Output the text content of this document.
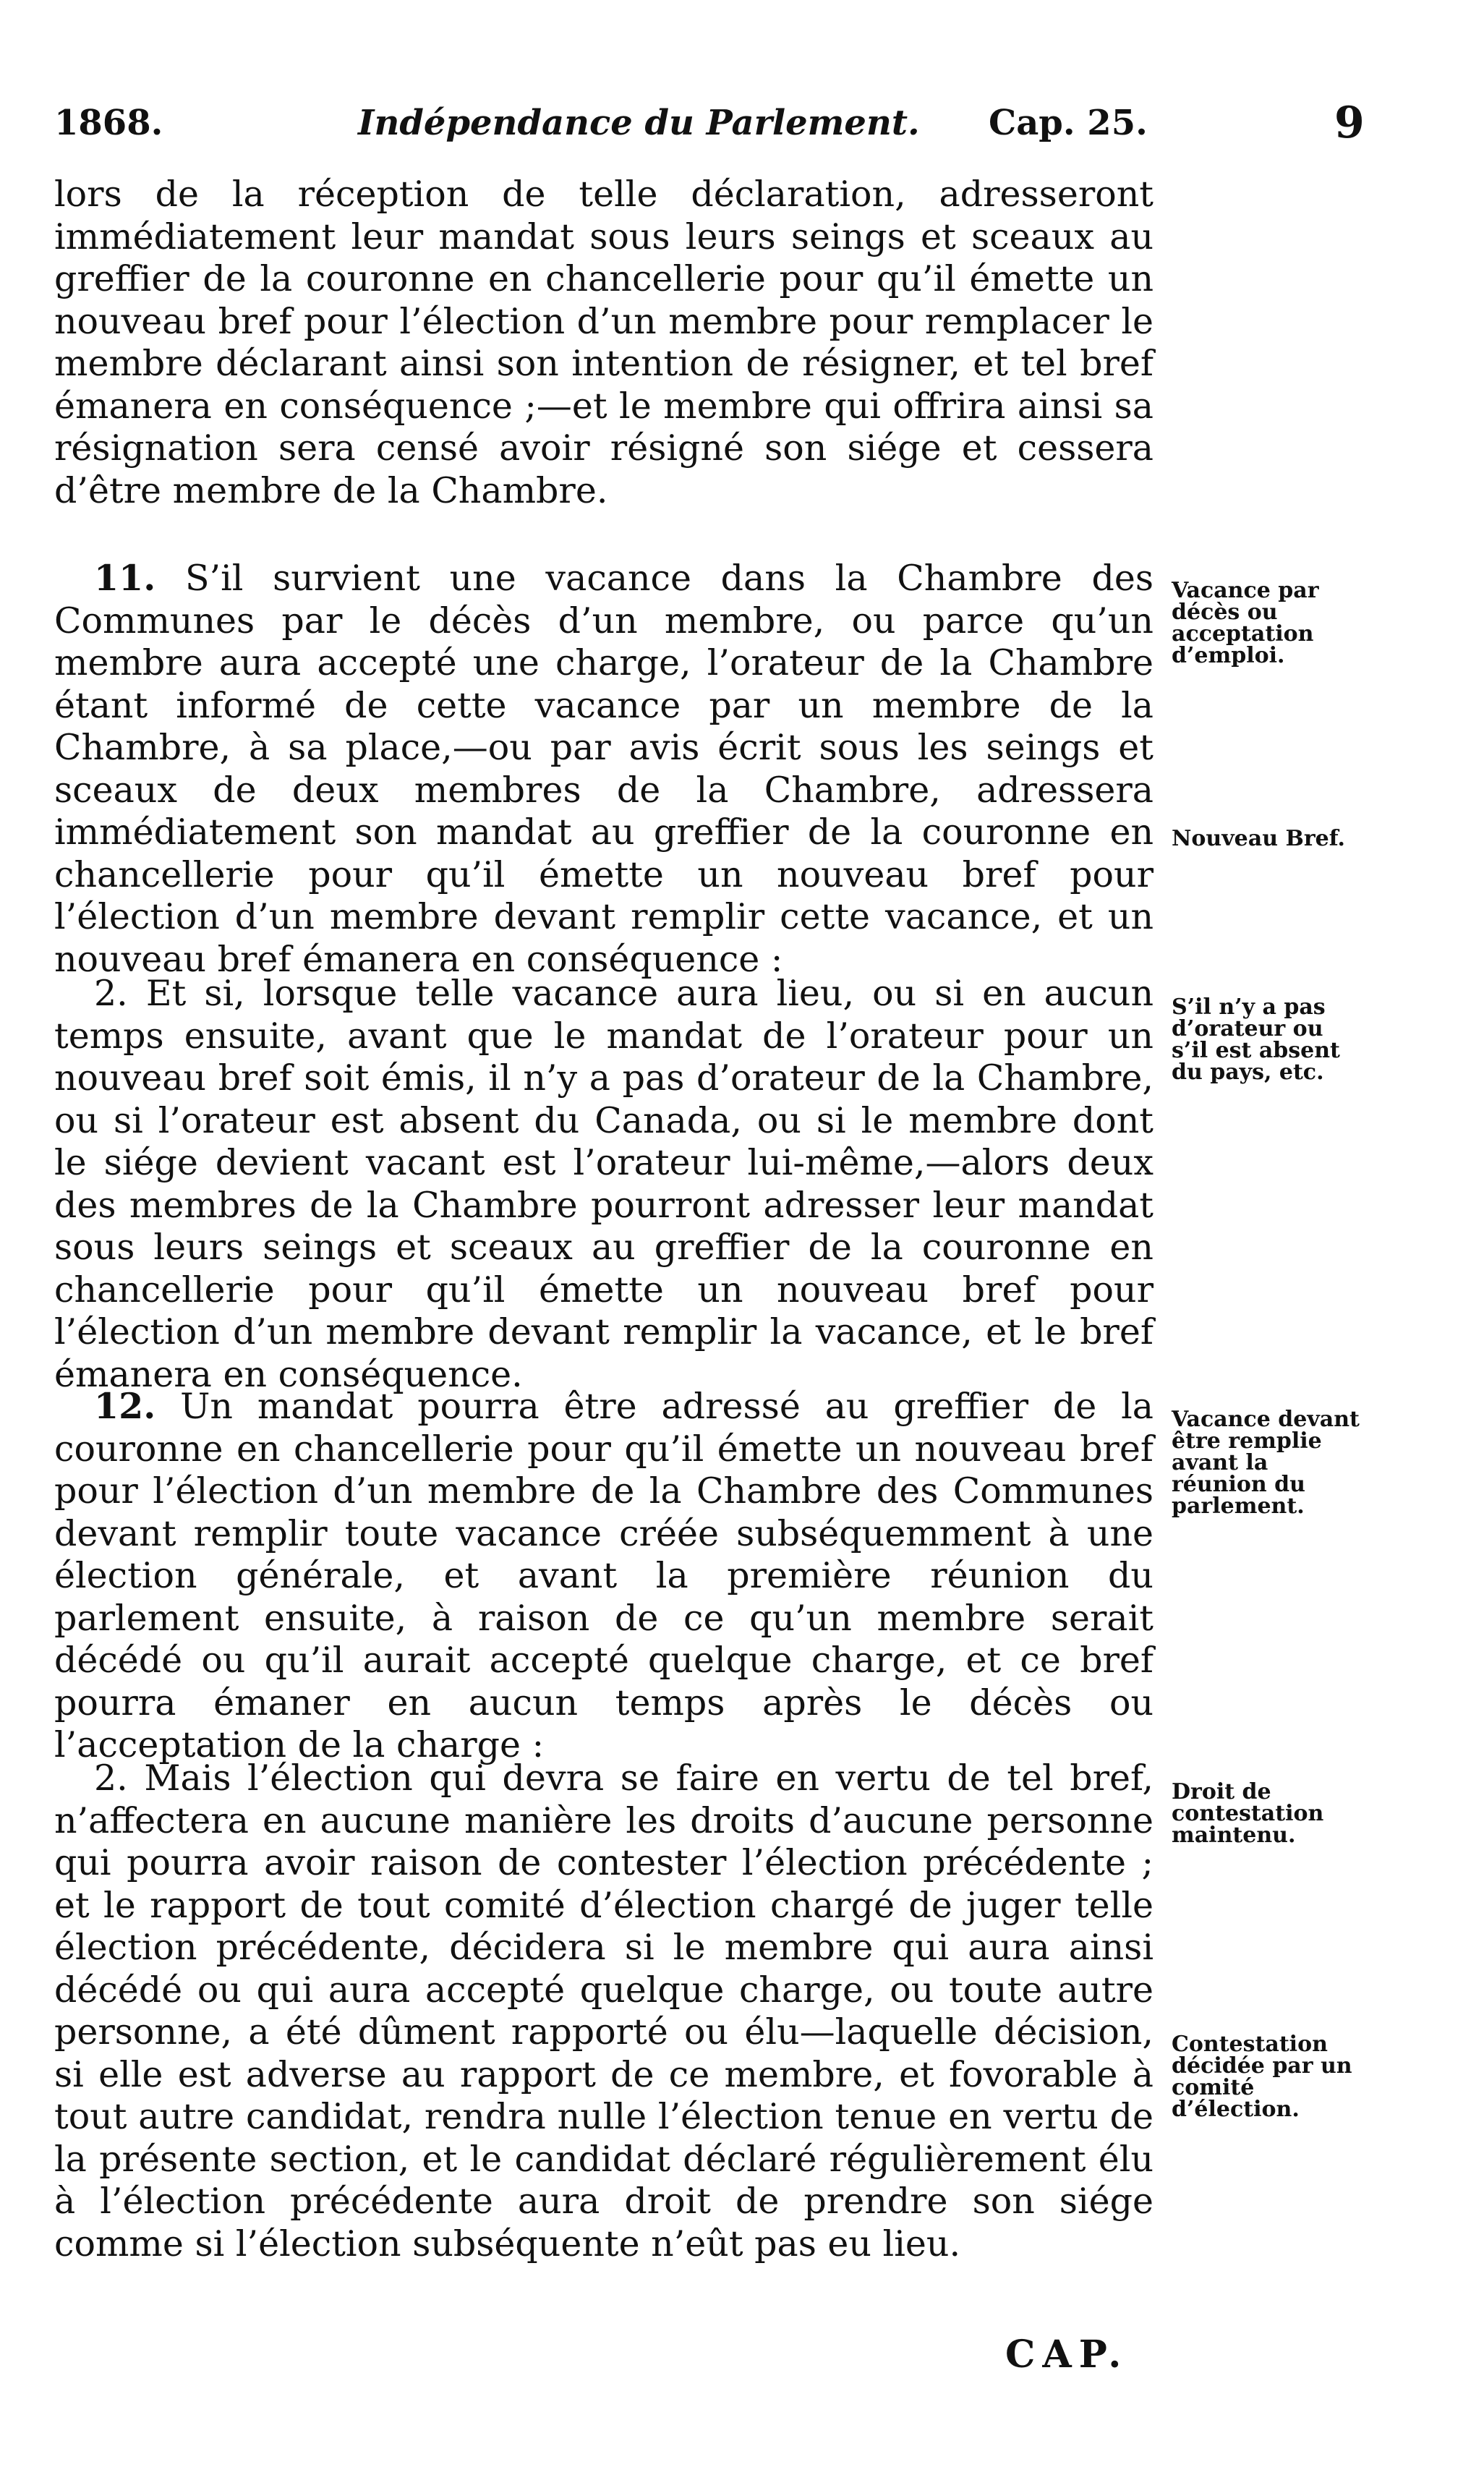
1868.	Indépendance du Parlement. Cap. 25.	9

lors de la réception de telle déclaration, adresseront immédiatement leur mandat sous leurs seings et sceaux au greffier de la couronne en chancellerie pour qu’il émette un nouveau bref pour l’élection d’un membre pour remplacer le membre déclarant ainsi son intention de résigner, et tel bref émanera en conséquence ;—et le membre qui offrira ainsi sa résignation sera censé avoir résigné son siége et cessera d’être membre de la Chambre.

11. S’il survient une vacance dans la Chambre des Communes par le décès d’un membre, ou parce qu’un membre aura accepté une charge, l’orateur de la Chambre étant informé de cette vacance par un membre de la Chambre, à sa place,—ou par avis écrit sous les seings et sceaux de deux membres de la Chambre, adressera immédiatement son mandat au greffier de la couronne en chancellerie pour qu’il émette un nouveau bref pour l’élection d’un membre devant remplir cette vacance, et un nouveau bref émanera en conséquence :

2. Et si, lorsque telle vacance aura lieu, ou si en aucun temps ensuite, avant que le mandat de l’orateur pour un nouveau bref soit émis, il n’y a pas d’orateur de la Chambre, ou si l’orateur est absent du Canada, ou si le membre dont le siége devient vacant est l’orateur lui-même,—alors deux des membres de la Chambre pourront adresser leur mandat sous leurs seings et sceaux au greffier de la couronne en chancellerie pour qu’il émette un nouveau bref pour l’élection d’un membre devant remplir la vacance, et le bref émanera en conséquence.

12. Un mandat pourra être adressé au greffier de la couronne en chancellerie pour qu’il émette un nouveau bref pour l’élection d’un membre de la Chambre des Communes devant remplir toute vacance créée subséquemment à une élection générale, et avant la première réunion du parlement ensuite, à raison de ce qu’un membre serait décédé ou qu’il aurait accepté quelque charge, et ce bref pourra émaner en aucun temps après le décès ou l’acceptation de la charge :

2. Mais l’élection qui devra se faire en vertu de tel bref, n’affectera en aucune manière les droits d’aucune personne qui pourra avoir raison de contester l’élection précédente ; et le rapport de tout comité d’élection chargé de juger telle élection précédente, décidera si le membre qui aura ainsi décédé ou qui aura accepté quelque charge, ou toute autre personne, a été dûment rapporté ou élu—laquelle décision, si elle est adverse au rapport de ce membre, et fovorable à tout autre candidat, rendra nulle l’élection tenue en vertu de la présente section, et le candidat déclaré régulièrement élu à l’élection précédente aura droit de prendre son siége comme si l’élection subséquente n’eût pas eu lieu.

Vacance par décès ou acceptation d’emploi.
Nouveau Bref.
S’il n’y a pas d’orateur ou s’il est absent du pays, etc.
Vacance devant être remplie avant la réunion du parlement.
Droit de contestation maintenu.
Contestation décidée par un comité d’élection.
CAP.
